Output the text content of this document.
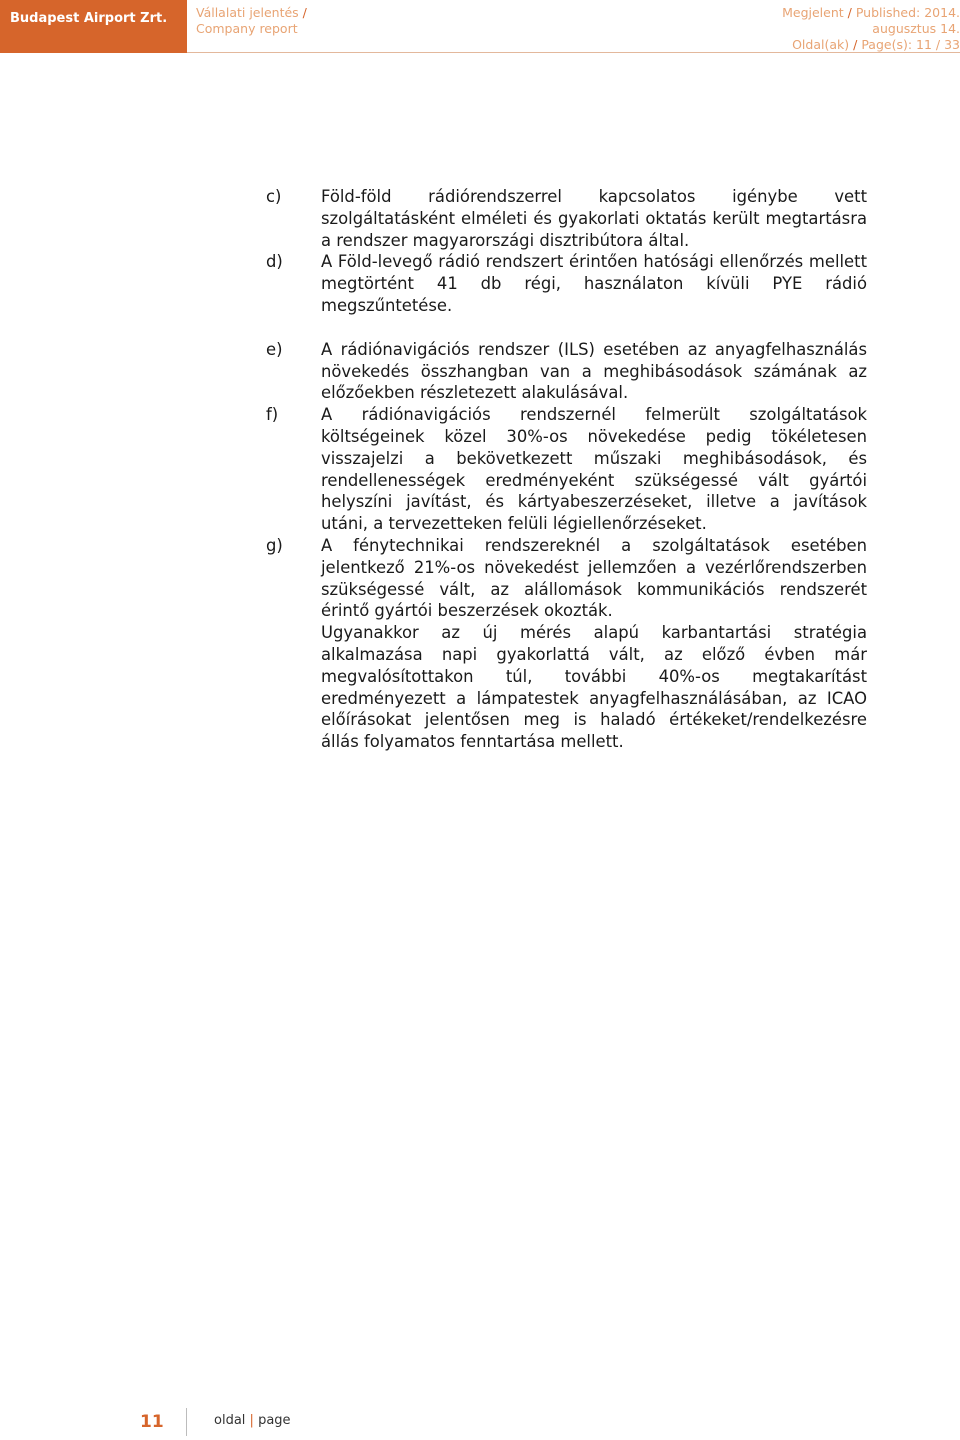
Budapest Airport Zrt. Vállalati jelentés /
Company report
Megjelent / Published: 2014.
augusztus 14.
Oldal(ak) / Page(s): 11 / 33
c)	Föld-föld rádiórendszerrel kapcsolatos igénybe vett szolgáltatásként elméleti és gyakorlati oktatás került megtartásra a rendszer magyarországi disztribútora által.

d)	A Föld-levegő rádió rendszert érintően hatósági ellenőrzés mellett megtörtént 41 db régi, használaton kívüli PYE rádió megszűntetése.

e)	A rádiónavigációs rendszer (ILS) esetében az anyagfelhasználás növekedés összhangban van a meghibásodások számának az előzőekben részletezett alakulásával.

f)	A rádiónavigációs rendszernél felmerült szolgáltatások költségeinek közel 30%-os növekedése pedig tökéletesen visszajelzi a bekövetkezett műszaki meghibásodások, és rendellenességek eredményeként szükségessé vált gyártói helyszíni javítást, és kártyabeszerzéseket, illetve a javítások utáni, a tervezetteken felüli légiellenőrzéseket.

g)	A fénytechnikai rendszereknél a szolgáltatások esetében jelentkező 21%-os növekedést jellemzően a vezérlőrendszerben szükségessé vált, az alállomások kommunikációs rendszerét érintő gyártói beszerzések okozták.

Ugyanakkor az új mérés alapú karbantartási stratégia alkalmazása napi gyakorlattá vált, az előző évben már megvalósítottakon túl, további 40%-os megtakarítást eredményezett a lámpatestek anyagfelhasználásában, az ICAO előírásokat jelentősen meg is haladó értékeket/rendelkezésre állás folyamatos fenntartása mellett.

11	oldal | page
